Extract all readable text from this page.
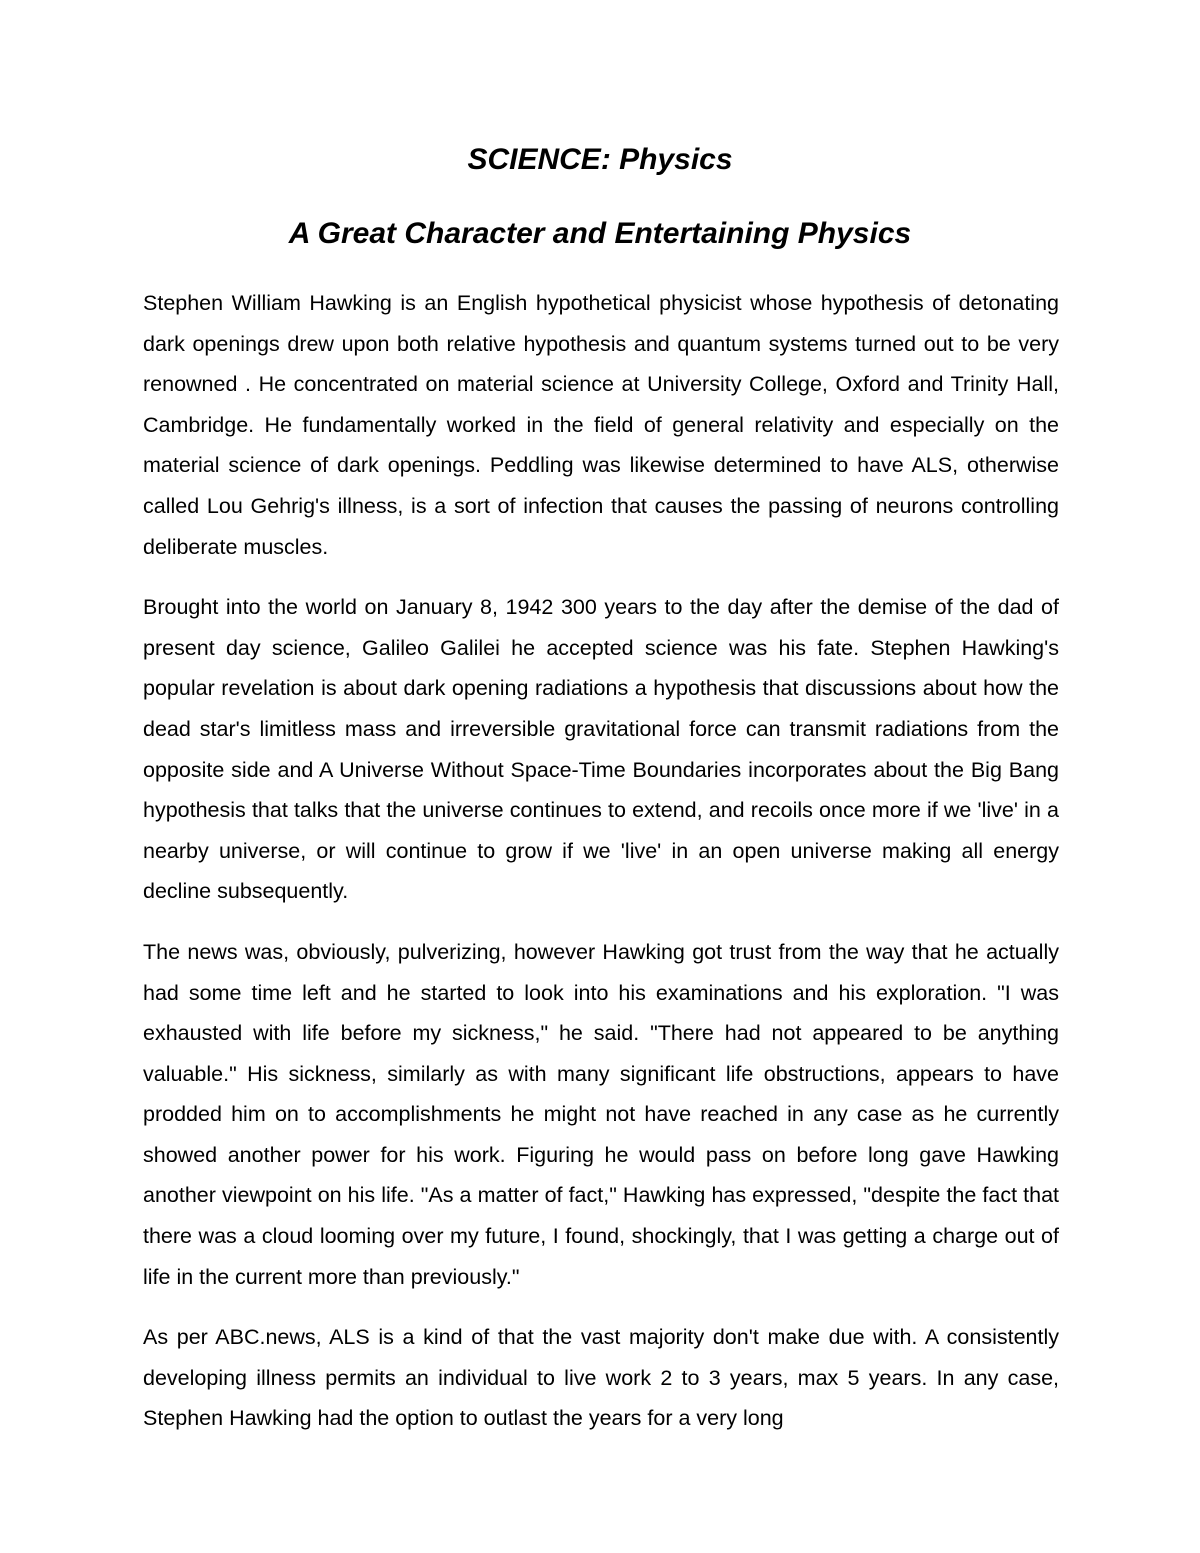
SCIENCE: Physics
A Great Character and Entertaining Physics

Stephen William Hawking is an English hypothetical physicist whose hypothesis of detonating dark openings drew upon both relative hypothesis and quantum systems turned out to be very renowned . He concentrated on material science at University College, Oxford and Trinity Hall, Cambridge. He fundamentally worked in the field of general relativity and especially on the material science of dark openings. Peddling was likewise determined to have ALS, otherwise called Lou Gehrig's illness, is a sort of infection that causes the passing of neurons controlling deliberate muscles.

Brought into the world on January 8, 1942 300 years to the day after the demise of the dad of present day science, Galileo Galilei he accepted science was his fate. Stephen Hawking's popular revelation is about dark opening radiations a hypothesis that discussions about how the dead star's limitless mass and irreversible gravitational force can transmit radiations from the opposite side and A Universe Without Space-Time Boundaries incorporates about the Big Bang hypothesis that talks that the universe continues to extend, and recoils once more if we 'live' in a nearby universe, or will continue to grow if we 'live' in an open universe making all energy decline subsequently.

The news was, obviously, pulverizing, however Hawking got trust from the way that he actually had some time left and he started to look into his examinations and his exploration. "I was exhausted with life before my sickness," he said. "There had not appeared to be anything valuable." His sickness, similarly as with many significant life obstructions, appears to have prodded him on to accomplishments he might not have reached in any case as he currently showed another power for his work. Figuring he would pass on before long gave Hawking another viewpoint on his life. "As a matter of fact," Hawking has expressed, "despite the fact that there was a cloud looming over my future, I found, shockingly, that I was getting a charge out of life in the current more than previously."

As per ABC.news, ALS is a kind of that the vast majority don't make due with. A consistently developing illness permits an individual to live work 2 to 3 years, max 5 years. In any case, Stephen Hawking had the option to outlast the years for a very long
